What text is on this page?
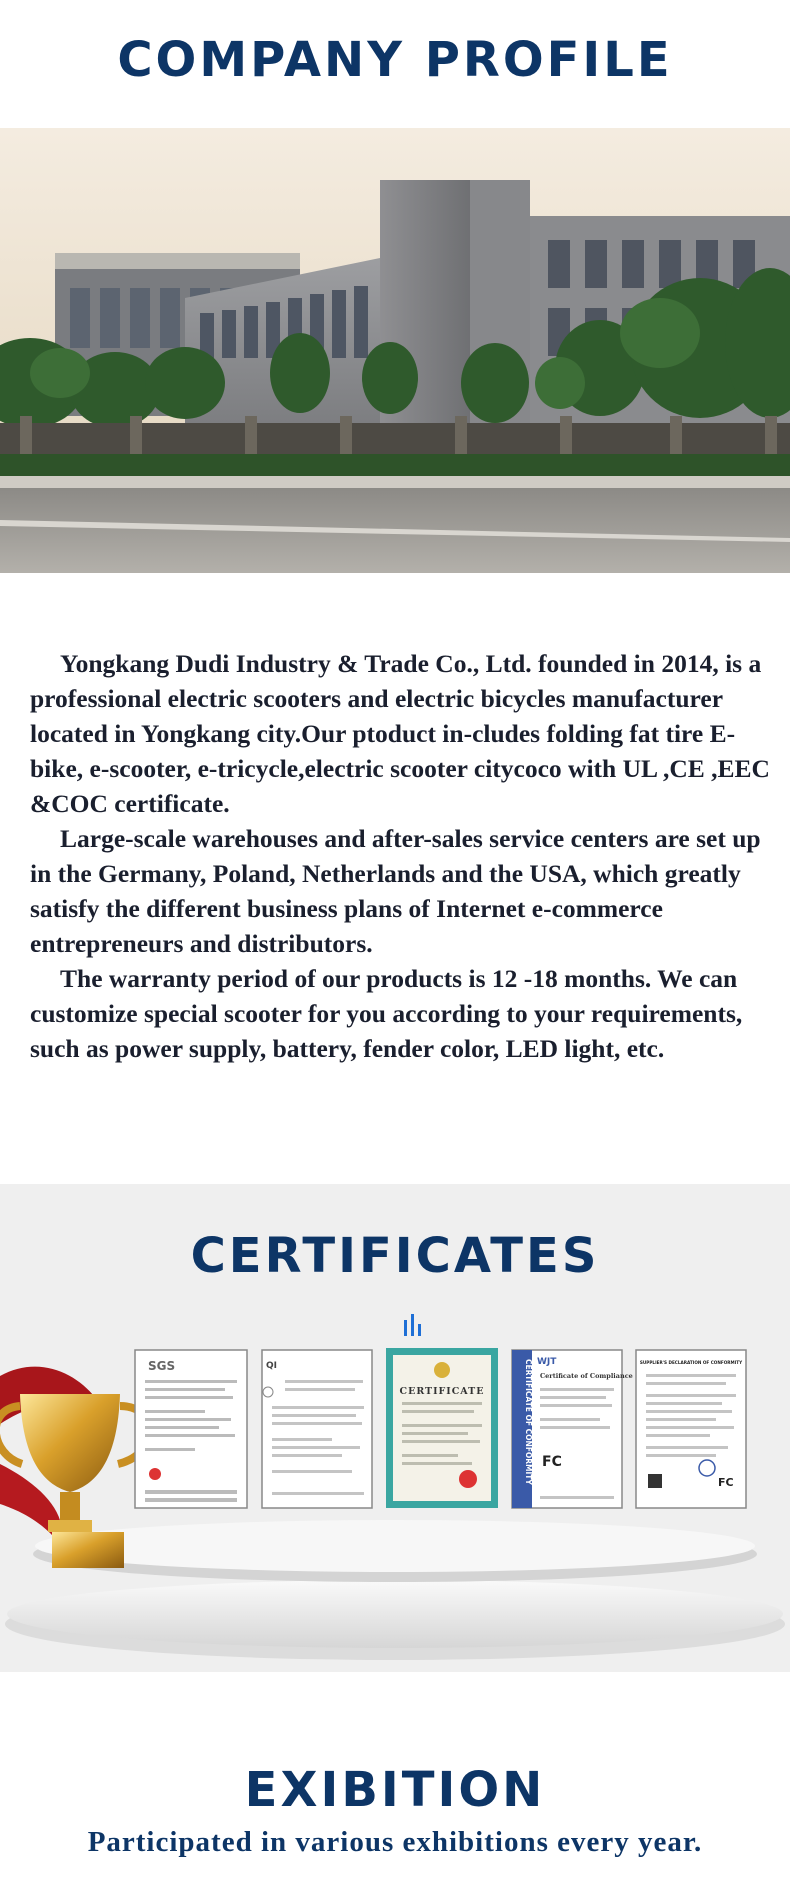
COMPANY PROFILE

Yongkang Dudi Industry & Trade Co., Ltd. founded in 2014, is a professional electric scooters and electric bicycles manufacturer located in Yongkang city.Our ptoduct in-cludes folding fat tire E-bike, e-scooter, e-tricycle,electric scooter citycoco with UL ,CE ,EEC &COC certificate.

Large-scale warehouses and after-sales service centers are set up in the Germany, Poland, Netherlands and the USA, which greatly satisfy the different business plans of Internet e-commerce entrepreneurs and distributors.

The warranty period of our products is 12 -18 months. We can customize special scooter for you according to your requirements, such as power supply, battery, fender color, LED light, etc.

CERTIFICATES
SGS	QI
CERTIFICATE
WJT
Certificate of Compliance
CERTIFICATE OF CONFORMITY FC
SUPPLIER'S DECLARATION OF CONFORMITY
FC
EXIBITION
Participated in various exhibitions every year.
